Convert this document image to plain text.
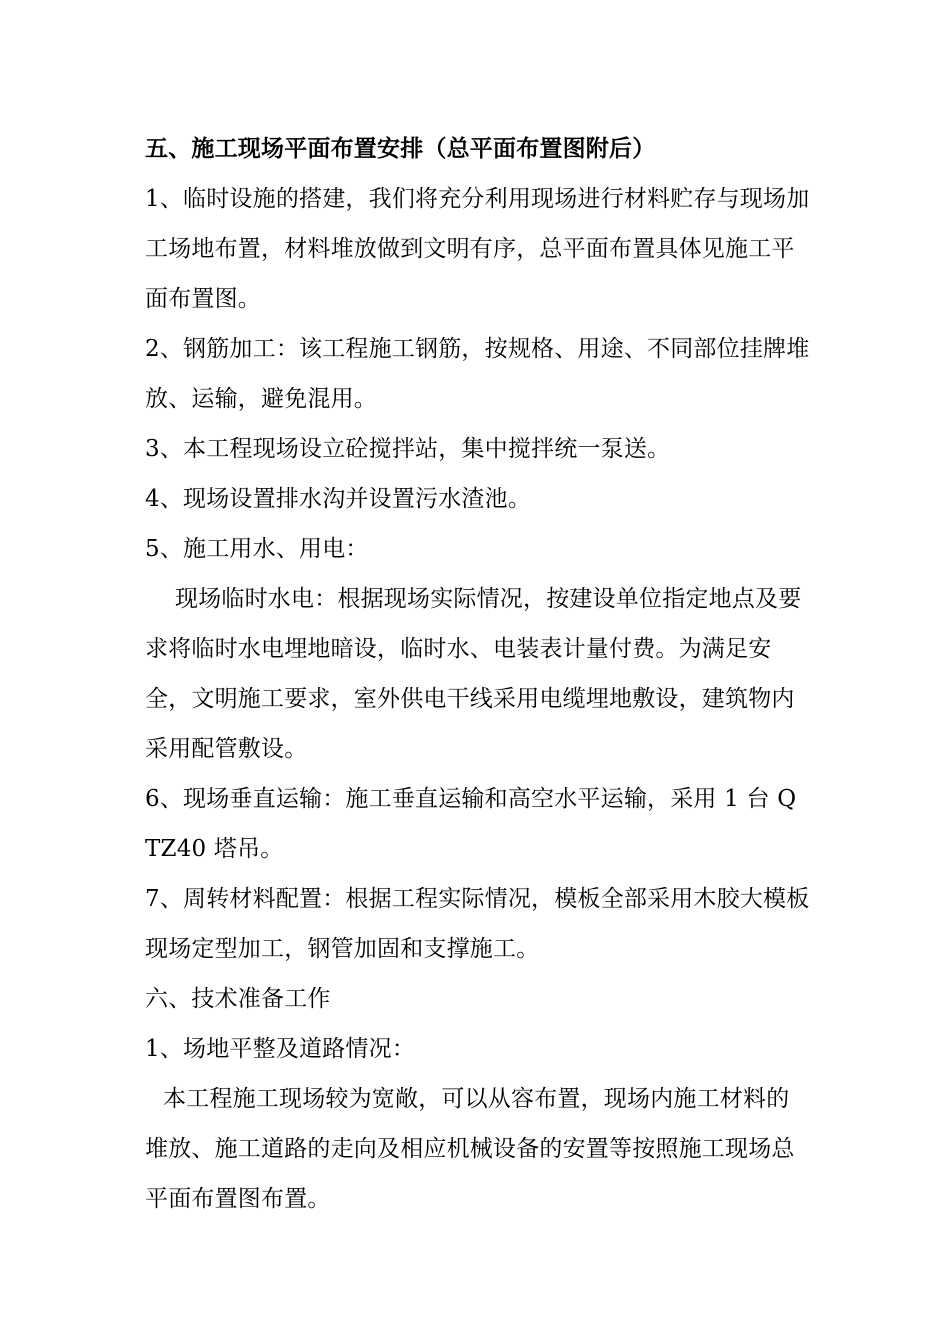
五、施工现场平面布置安排（总平面布置图附后）

1、临时设施的搭建，我们将充分利用现场进行材料贮存与现场加工场地布置，材料堆放做到文明有序，总平面布置具体见施工平面布置图。

2、钢筋加工：该工程施工钢筋，按规格、用途、不同部位挂牌堆放、运输，避免混用。

3、本工程现场设立砼搅拌站，集中搅拌统一泵送。

4、现场设置排水沟并设置污水渣池。

5、施工用水、用电：

现场临时水电：根据现场实际情况，按建设单位指定地点及要求将临时水电埋地暗设，临时水、电装表计量付费。为满足安全，文明施工要求，室外供电干线采用电缆埋地敷设，建筑物内采用配管敷设。

6、现场垂直运输：施工垂直运输和高空水平运输，采用 1 台 QTZ40 塔吊。

7、周转材料配置：根据工程实际情况，模板全部采用木胶大模板现场定型加工，钢管加固和支撑施工。

六、技术准备工作

1、场地平整及道路情况：

本工程施工现场较为宽敞，可以从容布置，现场内施工材料的堆放、施工道路的走向及相应机械设备的安置等按照施工现场总平面布置图布置。
